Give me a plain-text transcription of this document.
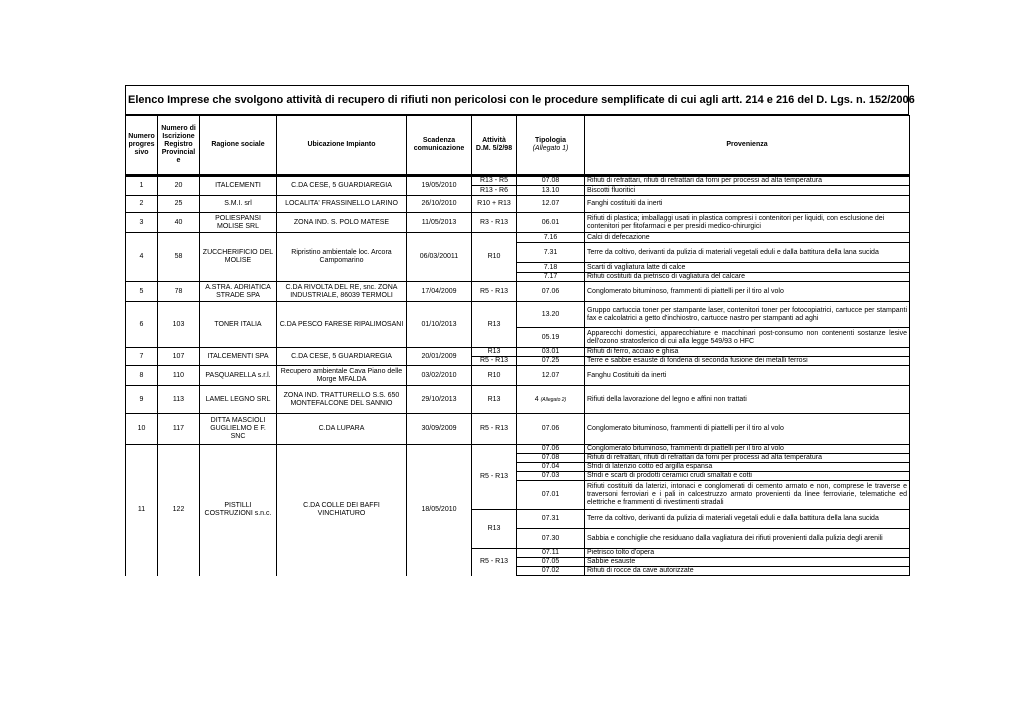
Elenco Imprese che svolgono attività di recupero di rifiuti non pericolosi con le procedure semplificate di cui agli artt. 214 e 216 del D. Lgs. n. 152/2006
Numero
progres
sivo	Numero di
Iscrizione
Registro
Provincial
e	Ragione sociale	Ubicazione Impianto	Scadenza
comunicazione	Attività
D.M. 5/2/98	Tipologia
(Allegato 1)	Provenienza
1	20	ITALCEMENTI	C.DA CESE, 5 GUARDIAREGIA	19/05/2010	R13 - R5	07.08	Rifiuti di refrattari, rifiuti di refrattari da forni per processi ad alta temperatura
					R13 - R6	13.10	Biscotti fluoritici
2	25	S.M.I. srl	LOCALITA' FRASSINELLO LARINO	26/10/2010	R10 + R13	12.07	Fanghi costituiti da inerti
3	40	POLIESPANSI MOLISE SRL	ZONA IND. S. POLO MATESE	11/05/2013	R3 - R13	06.01	Rifiuti di plastica; imballaggi usati in plastica compresi i contenitori per liquidi, con esclusione dei contenitori per fitofarmaci e per presidi medico-chirurgici
4	58	ZUCCHERIFICIO DEL MOLISE	Ripristino ambientale loc. Arcora Campomarino	06/03/20011	R10	7.16	Calci di defecazione
						7.31	Terre da coltivo, derivanti da pulizia di materiali vegetali eduli e dalla battitura della lana sucida
						7.18	Scarti di vagliatura latte di calce
						7.17	Rifiuti costituiti da pietrisco di vagliatura del calcare
5	78	A.STRA. ADRIATICA STRADE SPA	C.DA RIVOLTA DEL RE, snc. ZONA INDUSTRIALE, 86039 TERMOLI	17/04/2009	R5 - R13	07.06	Conglomerato bituminoso, frammenti di piattelli per il tiro al volo
6	103	TONER ITALIA	C.DA PESCO FARESE RIPALIMOSANI	01/10/2013	R13	13.20	Gruppo cartuccia toner per stampante laser, contenitori toner per fotocopiatrici, cartucce per stampanti fax e calcolatrici a getto d'inchiostro, cartucce nastro per stampanti ad aghi
						05.19	Apparecchi domestici, apparecchiature e macchinari post-consumo non contenenti sostanze lesive dell'ozono stratosferico di cui alla legge 549/93 o HFC
7	107	ITALCEMENTI SPA	C.DA CESE, 5 GUARDIAREGIA	20/01/2009	R13	03.01	Rifiuti di ferro, acciaio e ghisa
					R5 - R13	07.25	Terre e sabbie esauste di fonderia di seconda fusione dei metalli ferrosi
8	110	PASQUARELLA s.r.l.	Recupero ambientale Cava Piano delle Morge MFALDA	03/02/2010	R10	12.07	Fanghu Costituiti da inerti
9	113	LAMEL LEGNO SRL	ZONA IND. TRATTURELLO S.S. 650 MONTEFALCONE DEL SANNIO	29/10/2013	R13	4 (Allegato 2)	Rifiuti della lavorazione del legno e affini non trattati
10	117	DITTA MASCIOLI GUGLIELMO E F. SNC	C.DA LUPARA	30/09/2009	R5 - R13	07.06	Conglomerato bituminoso, frammenti di piattelli per il tiro al volo
11	122	PISTILLI COSTRUZIONI s.n.c.	C.DA COLLE DEI BAFFI VINCHIATURO	18/05/2010	R5 - R13	07.06	Conglomerato bituminoso, frammenti di piattelli per il tiro al volo
						07.08	Rifiuti di refrattari, rifiuti di refrattari da forni per processi ad alta temperatura
						07.04	Sfridi di laterizio cotto ed argilla espansa
						07.03	Sfridi e scarti di prodotti ceramici crudi smaltati e cotti
						07.01	Rifiuti costituiti da laterizi, intonaci e conglomerati di cemento armato e non, comprese le traverse e traversoni ferroviari e i pali in calcestruzzo armato provenienti da linee ferroviarie, telematiche ed elettriche e frammenti di rivestimenti stradali
					R13	07.31	Terre da coltivo, derivanti da pulizia di materiali vegetali eduli e dalla battitura della lana sucida
						07.30	Sabbia e conchiglie che residuano dalla vagliatura dei rifiuti provenienti dalla pulizia degli arenili
					R5 - R13	07.11	Pietrisco tolto d'opera
						07.05	Sabbie esauste
						07.02	Rifiuti di rocce da cave autorizzate
